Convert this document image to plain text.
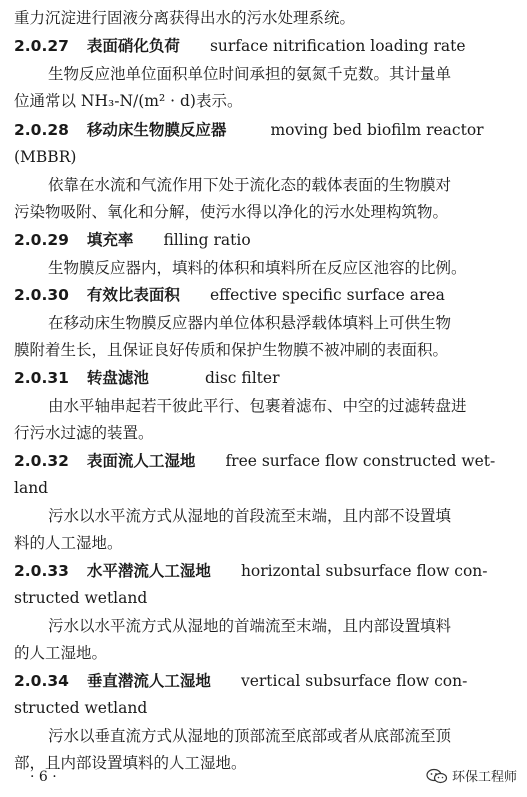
重力沉淀进行固液分离获得出水的污水处理系统。
2.0.27 表面硝化负荷 surface nitrification loading rate
生物反应池单位面积单位时间承担的氨氮千克数。其计量单
位通常以 NH₃-N/(m² · d)表示。
2.0.28 移动床生物膜反应器	moving bed biofilm reactor
(MBBR)
依靠在水流和气流作用下处于流化态的载体表面的生物膜对
污染物吸附、氧化和分解，使污水得以净化的污水处理构筑物。
2.0.29 填充率 filling ratio
生物膜反应器内，填料的体积和填料所在反应区池容的比例。
2.0.30 有效比表面积 effective specific surface area
在移动床生物膜反应器内单位体积悬浮载体填料上可供生物
膜附着生长，且保证良好传质和保护生物膜不被冲刷的表面积。
2.0.31 转盘滤池	disc filter
由水平轴串起若干彼此平行、包裹着滤布、中空的过滤转盘进
行污水过滤的装置。
2.0.32 表面流人工湿地 free surface flow constructed wet-
land
污水以水平流方式从湿地的首段流至末端，且内部不设置填
料的人工湿地。
2.0.33 水平潜流人工湿地 horizontal subsurface flow con-
structed wetland
污水以水平流方式从湿地的首端流至末端，且内部设置填料
的人工湿地。
2.0.34 垂直潜流人工湿地 vertical subsurface flow con-
structed wetland
污水以垂直流方式从湿地的顶部流至底部或者从底部流至顶
部，且内部设置填料的人工湿地。
· 6 ·	环保工程师
